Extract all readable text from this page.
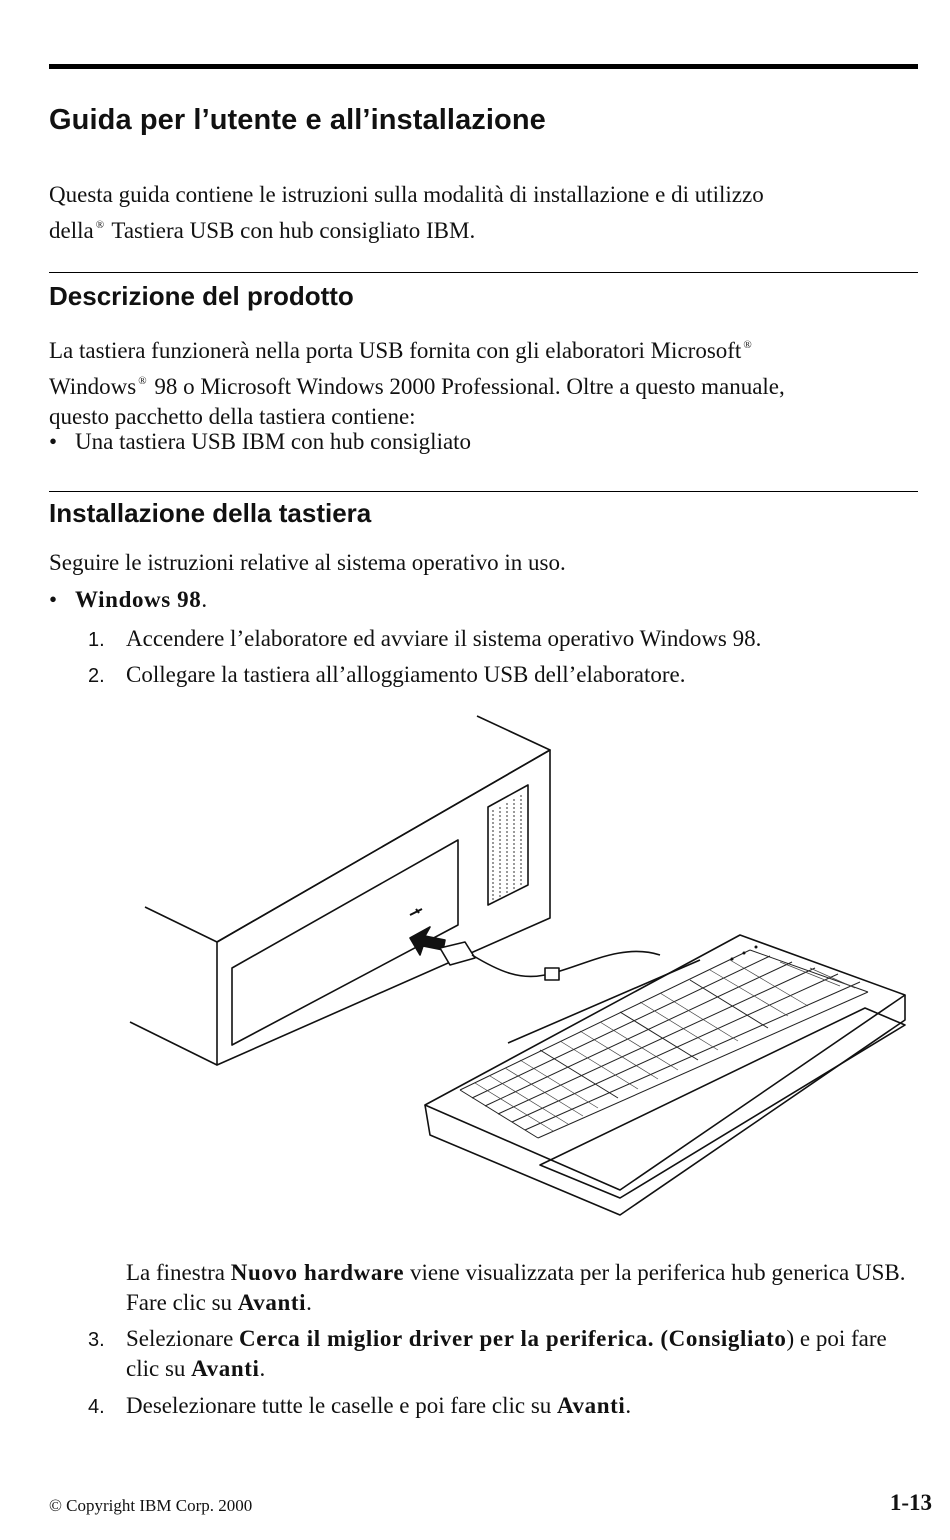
Guida per l’utente e all’installazione

Questa guida contiene le istruzioni sulla modalità di installazione e di utilizzo
della ® Tastiera USB con hub consigliato IBM.

Descrizione del prodotto

La tastiera funzionerà nella porta USB fornita con gli elaboratori Microsoft ®
Windows ® 98 o Microsoft Windows 2000 Professional. Oltre a questo manuale,
questo pacchetto della tastiera contiene:

• Una tastiera USB IBM con hub consigliato

Installazione della tastiera

Seguire le istruzioni relative al sistema operativo in uso.

• Windows 98.

1. Accendere l’elaboratore ed avviare il sistema operativo Windows 98.
2. Collegare la tastiera all’alloggiamento USB dell’elaboratore.
La finestra Nuovo hardware viene visualizzata per la periferica hub generica USB. Fare clic su Avanti.
3. Selezionare Cerca il miglior driver per la periferica. (Consigliato) e poi fare clic su Avanti.
4. Deselezionare tutte le caselle e poi fare clic su Avanti.
© Copyright IBM Corp. 2000	1-13
